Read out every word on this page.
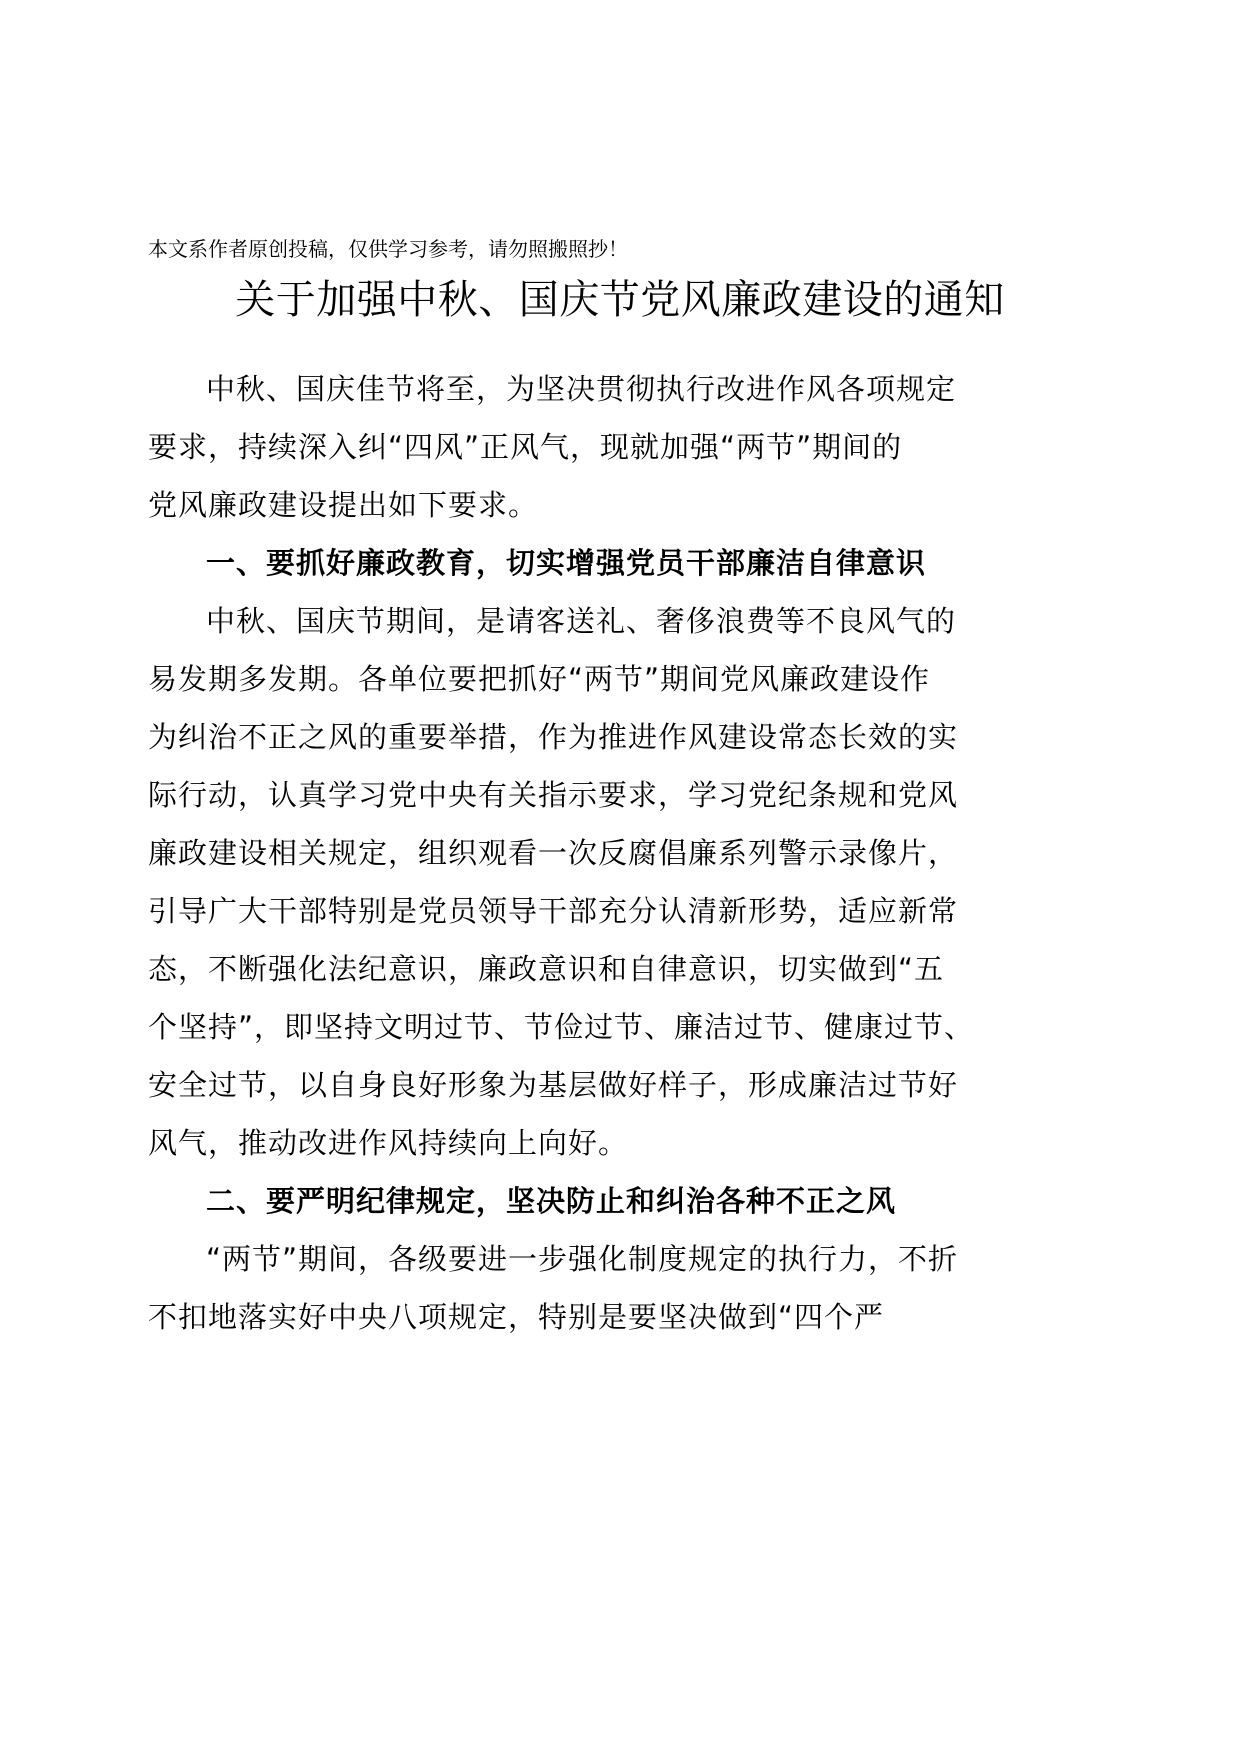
本文系作者原创投稿，仅供学习参考，请勿照搬照抄！
关于加强中秋、国庆节党风廉政建设的通知
中秋、国庆佳节将至，为坚决贯彻执行改进作风各项规定
要求，持续深入纠“四风”正风气，现就加强“两节”期间的
党风廉政建设提出如下要求。
一、要抓好廉政教育，切实增强党员干部廉洁自律意识
中秋、国庆节期间，是请客送礼、奢侈浪费等不良风气的
易发期多发期。各单位要把抓好“两节”期间党风廉政建设作
为纠治不正之风的重要举措，作为推进作风建设常态长效的实
际行动，认真学习党中央有关指示要求，学习党纪条规和党风
廉政建设相关规定，组织观看一次反腐倡廉系列警示录像片，
引导广大干部特别是党员领导干部充分认清新形势，适应新常
态，不断强化法纪意识，廉政意识和自律意识，切实做到“五
个坚持”，即坚持文明过节、节俭过节、廉洁过节、健康过节、
安全过节，以自身良好形象为基层做好样子，形成廉洁过节好
风气，推动改进作风持续向上向好。
二、要严明纪律规定，坚决防止和纠治各种不正之风
“两节”期间，各级要进一步强化制度规定的执行力，不折
不扣地落实好中央八项规定，特别是要坚决做到“四个严
